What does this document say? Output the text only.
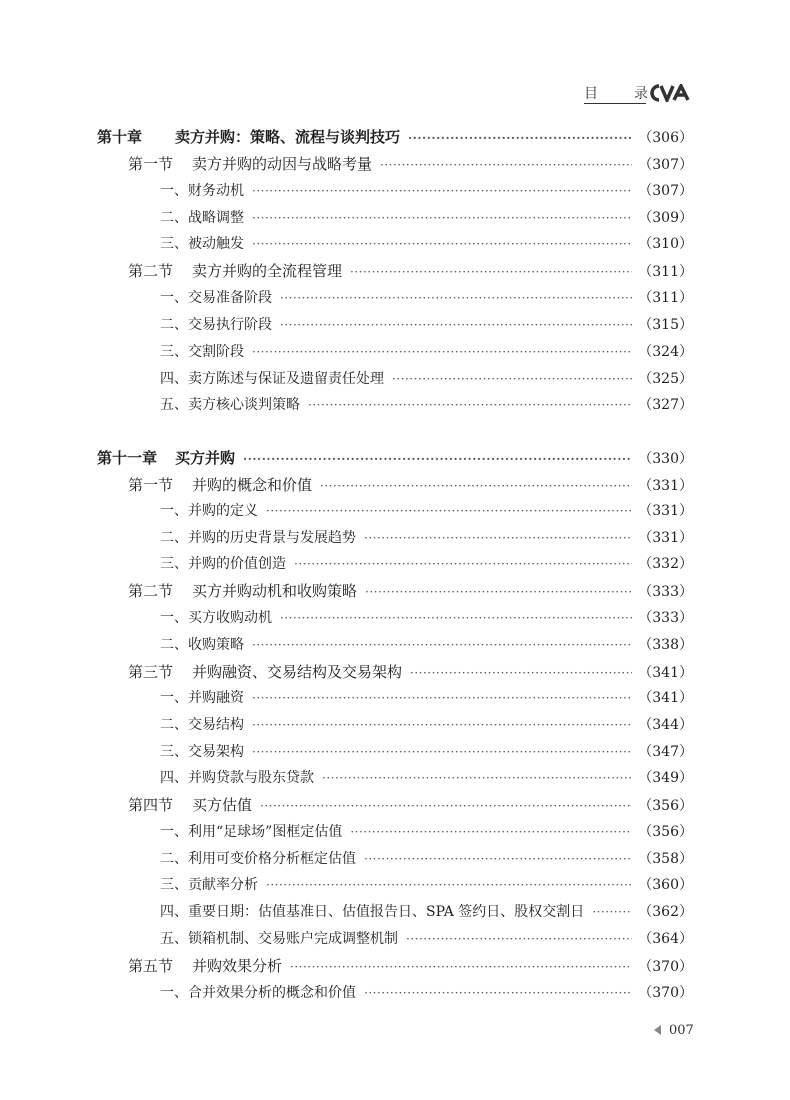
目	录
第十章	卖方并购：策略、流程与谈判技巧 ·····	（306）
第一节	卖方并购的动因与战略考量 ·····	（307）
一、财务动机 ·····	（307）
二、战略调整 ·····	（309）
三、被动触发 ·····	（310）
第二节	卖方并购的全流程管理 ·····	（311）
一、交易准备阶段 ·····	（311）
二、交易执行阶段 ·····	（315）
三、交割阶段 ·····	（324）
四、卖方陈述与保证及遗留责任处理 ·····	（325）
五、卖方核心谈判策略 ·····	（327）
第十一章	买方并购 ·····	（330）
第一节	并购的概念和价值 ·····	（331）
一、并购的定义 ·····	（331）
二、并购的历史背景与发展趋势 ·····	（331）
三、并购的价值创造 ·····	（332）
第二节	买方并购动机和收购策略 ·····	（333）
一、买方收购动机 ·····	（333）
二、收购策略 ·····	（338）
第三节	并购融资、交易结构及交易架构 ·····	（341）
一、并购融资 ·····	（341）
二、交易结构 ·····	（344）
三、交易架构 ·····	（347）
四、并购贷款与股东贷款 ·····	（349）
第四节	买方估值 ·····	（356）
一、利用“足球场”图框定估值 ·····	（356）
二、利用可变价格分析框定估值 ·····	（358）
三、贡献率分析 ·····	（360）
四、重要日期：估值基准日、估值报告日、SPA 签约日、股权交割日 ·····	（362）
五、锁箱机制、交易账户完成调整机制 ·····	（364）
第五节	并购效果分析 ·····	（370）
一、合并效果分析的概念和价值 ·····	（370）
007
